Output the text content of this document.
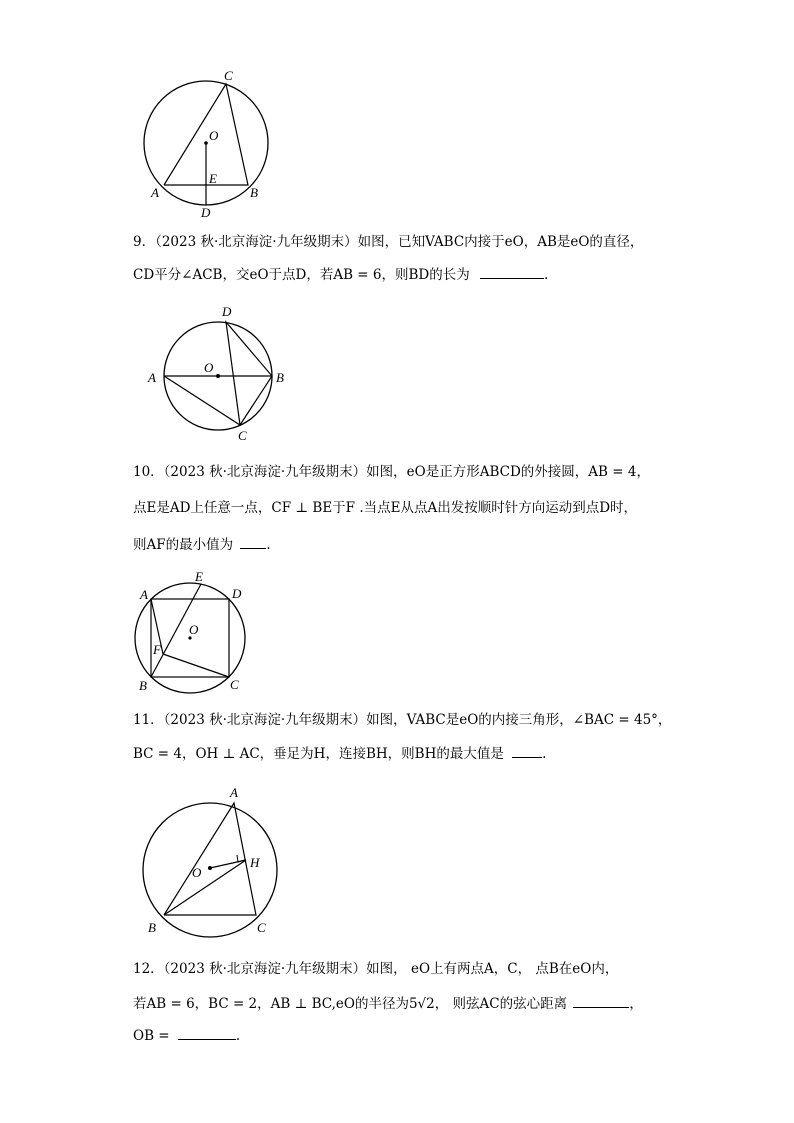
C
O
E
A	B
D
9．（2023 秋·北京海淀·九年级期末）如图，已知VABC内接于eO，AB是eO的直径，
CD平分∠ACB，交eO于点D，若AB = 6，则BD的长为	.
D
O
A	B
C
10．（2023 秋·北京海淀·九年级期末）如图，eO是正方形ABCD的外接圆，AB = 4，
点E是AD上任意一点，CF ⊥ BE于F .当点E从点A出发按顺时针方向运动到点D时，
则AF的最小值为 .
E
A	D
O
F
B	C
11．（2023 秋·北京海淀·九年级期末）如图，VABC是eO的内接三角形，∠BAC = 45°，
BC = 4，OH ⊥ AC，垂足为H，连接BH，则BH的最大值是	.
A
O
H
B	C
12．（2023 秋·北京海淀·九年级期末）如图， eO上有两点A，C， 点B在eO内，
若AB = 6，BC = 2，AB ⊥ BC,eO的半径为5√2， 则弦AC的弦心距离	，
OB =	.
